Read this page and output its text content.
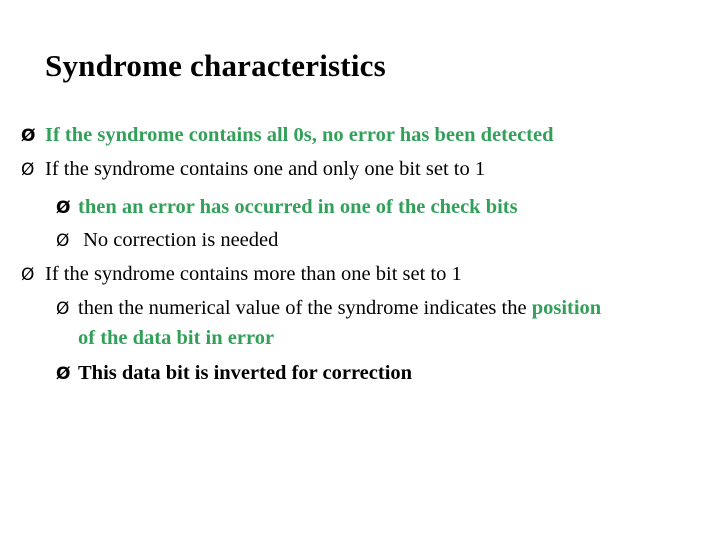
Syndrome characteristics
Ø If the syndrome contains all 0s, no error has been detected
Ø If the syndrome contains one and only one bit set to 1
Ø then an error has occurred in one of the check bits
Ø No correction is needed
Ø If the syndrome contains more than one bit set to 1
Ø then the numerical value of the syndrome indicates the position
of the data bit in error
Ø This data bit is inverted for correction
